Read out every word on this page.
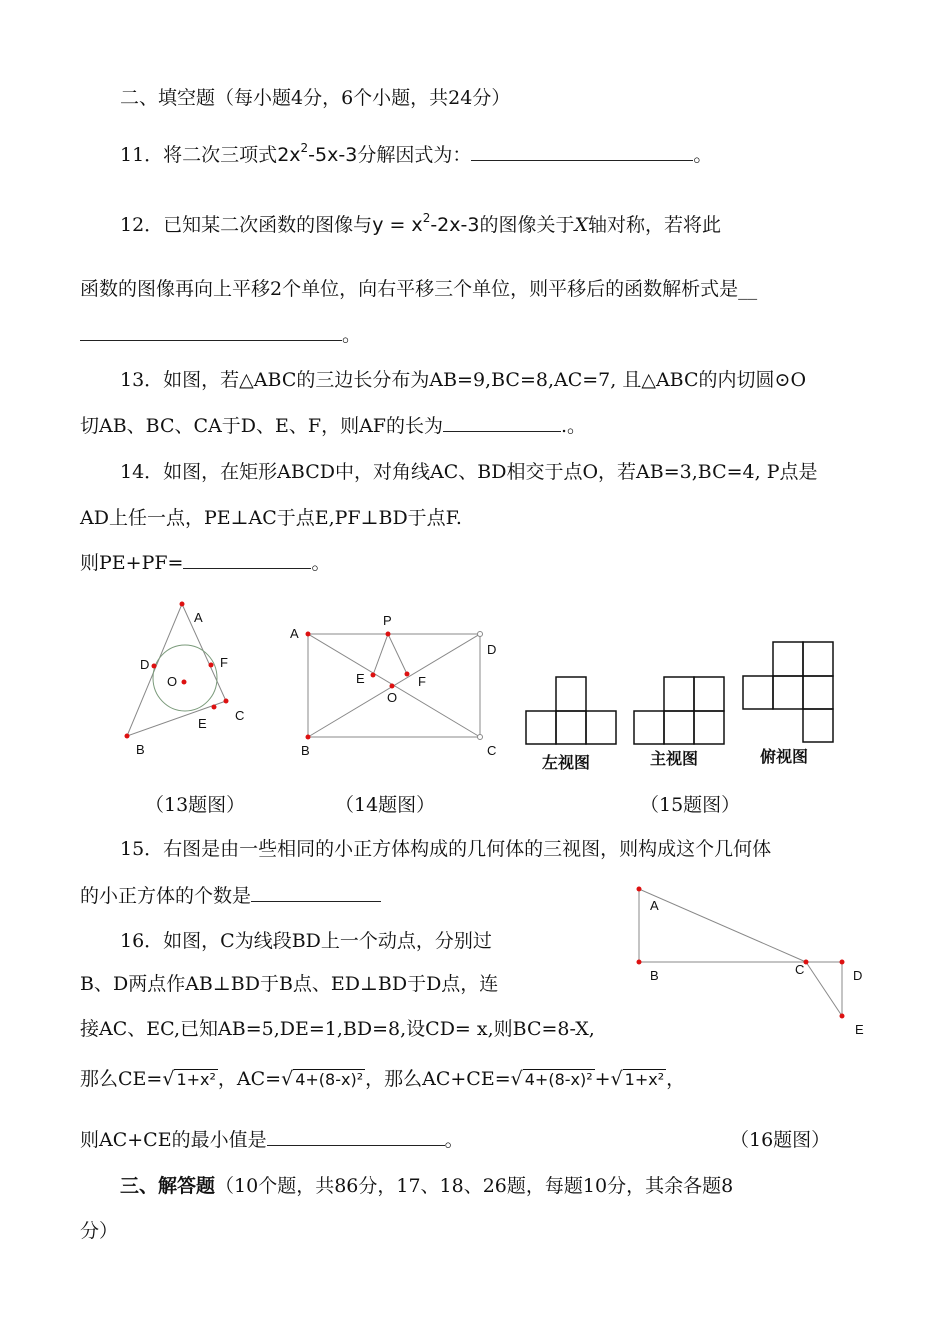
二、填空题（每小题4分，6个小题，共24分）
11．将二次三项式$2x^2-5x-3$分解因式为：	。
12．已知某二次函数的图像与$y = x^2-2x-3$的图像关于X轴对称，若将此
函数的图像再向上平移2个单位，向右平移三个单位，则平移后的函数解析式是__
。
13．如图，若△ABC的三边长分布为AB=9,BC=8,AC=7, 且△ABC的内切圆⊙O
切AB、BC、CA于D、E、F，则AF的长为	.。
14．如图，在矩形ABCD中，对角线AC、BD相交于点O，若AB=3,BC=4, P点是
AD上任一点，PE⊥AC于点E,PF⊥BD于点F.
则PE+PF=	。
A
D	F
O
E
C
B
A
P
D
E	F
O
B	C
左视图	主视图	俯视图
（13题图）	（14题图）	（15题图）
15．右图是由一些相同的小正方体构成的几何体的三视图，则构成这个几何体
的小正方体的个数是	A
B	C	D
E
16．如图，C为线段BD上一个动点，分别过
B、D两点作AB⊥BD于B点、ED⊥BD于D点，连
接AC、EC,已知AB=5,DE=1,BD=8,设CD= x,则BC=8-X,
那么CE=√ 1+x² ，AC=√ 4+(8-x)² ，那么AC+CE=√ 4+(8-x)² +√ 1+x² ，
则AC+CE的最小值是	。	（16题图）
三、解答题（10个题，共86分，17、18、26题，每题10分，其余各题8
分）
